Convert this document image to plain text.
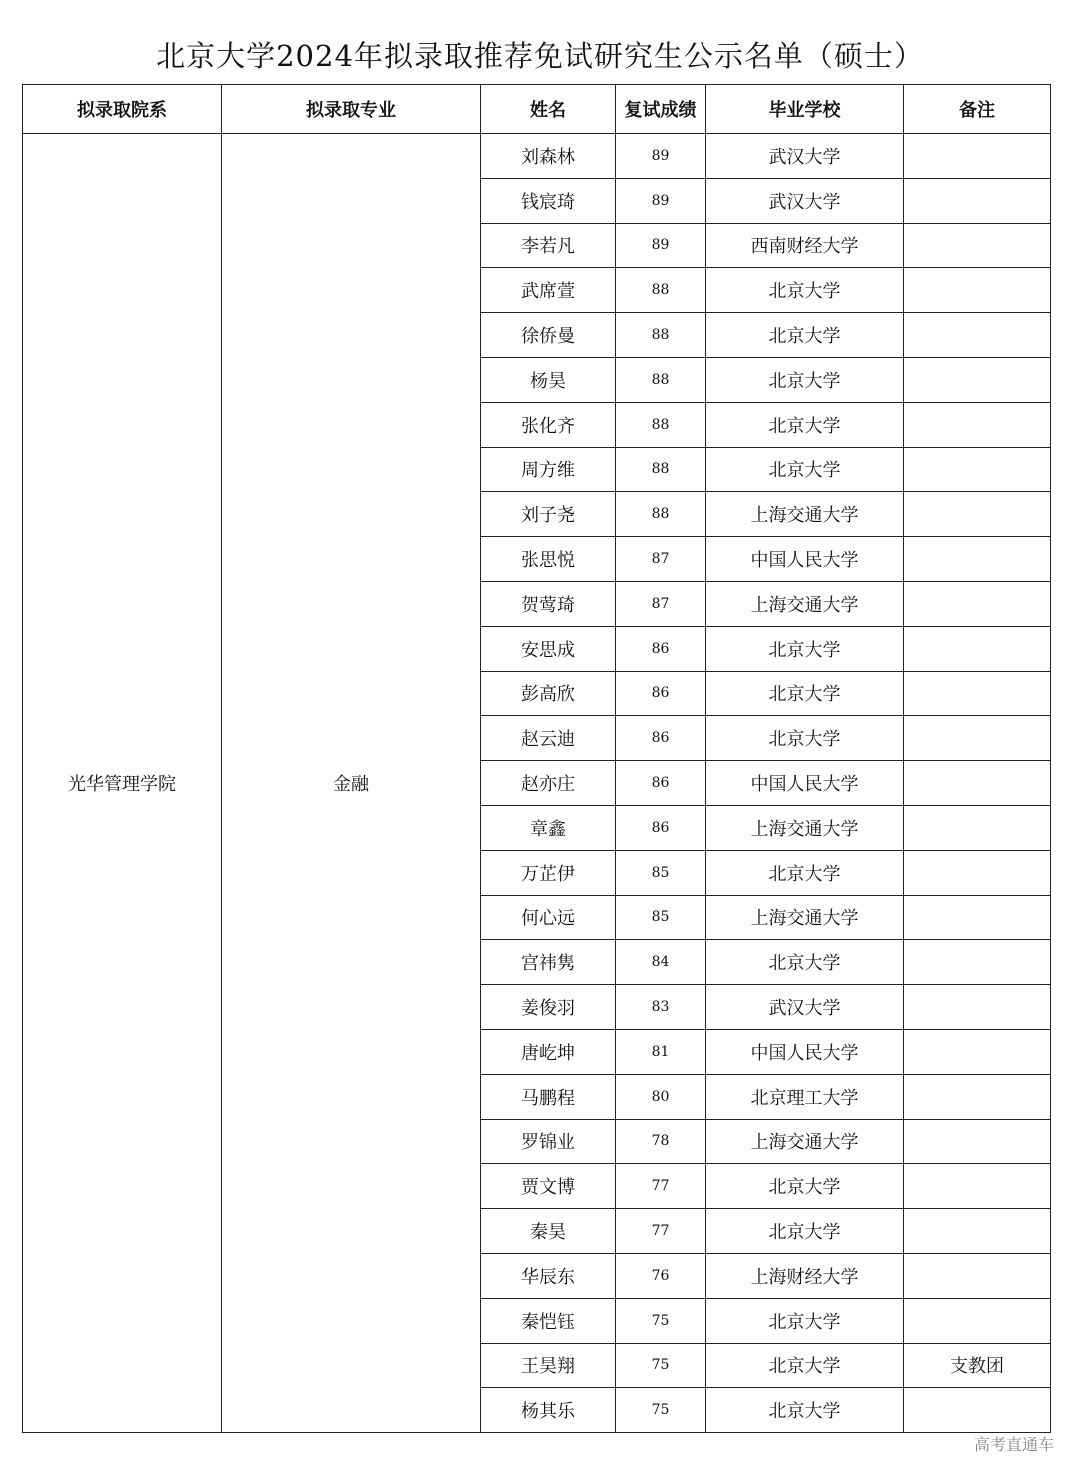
北京大学2024年拟录取推荐免试研究生公示名单（硕士）
拟录取院系	拟录取专业	姓名	复试成绩	毕业学校	备注
光华管理学院	金融	刘森林	89	武汉大学	
		钱宸琦	89	武汉大学	
		李若凡	89	西南财经大学	
		武席萱	88	北京大学	
		徐侨曼	88	北京大学	
		杨昊	88	北京大学	
		张化齐	88	北京大学	
		周方维	88	北京大学	
		刘子尧	88	上海交通大学	
		张思悦	87	中国人民大学	
		贺莺琦	87	上海交通大学	
		安思成	86	北京大学	
		彭高欣	86	北京大学	
		赵云迪	86	北京大学	
		赵亦庄	86	中国人民大学	
		章鑫	86	上海交通大学	
		万芷伊	85	北京大学	
		何心远	85	上海交通大学	
		宫祎隽	84	北京大学	
		姜俊羽	83	武汉大学	
		唐屹坤	81	中国人民大学	
		马鹏程	80	北京理工大学	
		罗锦业	78	上海交通大学	
		贾文博	77	北京大学	
		秦昊	77	北京大学	
		华辰东	76	上海财经大学	
		秦恺钰	75	北京大学	
		王昊翔	75	北京大学	支教团
		杨其乐	75	北京大学	
高考直通车
